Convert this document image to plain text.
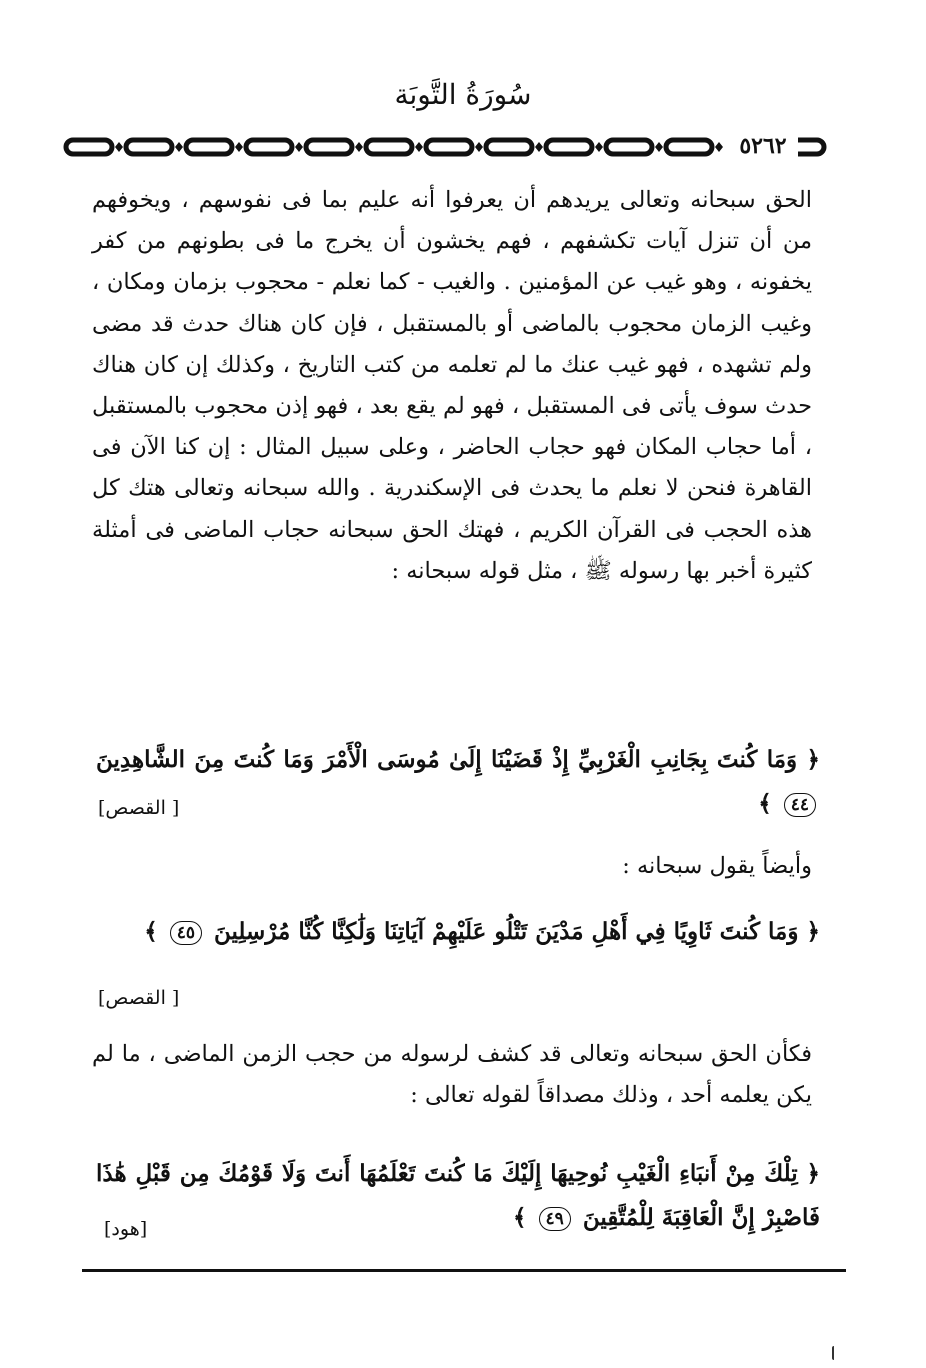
سُورَةُ التَّوبَة
٥٢٦٢
الحق سبحانه وتعالى يريدهم أن يعرفوا أنه عليم بما فى نفوسهم ، ويخوفهم من أن تنزل آيات تكشفهم ، فهم يخشون أن يخرج ما فى بطونهم من كفر يخفونه ، وهو غيب عن المؤمنين . والغيب - كما نعلم - محجوب بزمان ومكان ، وغيب الزمان محجوب بالماضى أو بالمستقبل ، فإن كان هناك حدث قد مضى ولم تشهده ، فهو غيب عنك ما لم تعلمه من كتب التاريخ ، وكذلك إن كان هناك حدث سوف يأتى فى المستقبل ، فهو لم يقع بعد ، فهو إذن محجوب بالمستقبل ، أما حجاب المكان فهو حجاب الحاضر ، وعلى سبيل المثال : إن كنا الآن فى القاهرة فنحن لا نعلم ما يحدث فى الإسكندرية . والله سبحانه وتعالى هتك كل هذه الحجب فى القرآن الكريم ، فهتك الحق سبحانه حجاب الماضى فى أمثلة كثيرة أخبر بها رسوله ﷺ ، مثل قوله سبحانه :
﴿ وَمَا كُنتَ بِجَانِبِ الْغَرْبِيِّ إِذْ قَضَيْنَا إِلَىٰ مُوسَى الْأَمْرَ وَمَا كُنتَ مِنَ الشَّاهِدِينَ ٤٤ ﴾
[ القصص]
وأيضاً يقول سبحانه :
﴿ وَمَا كُنتَ ثَاوِيًا فِي أَهْلِ مَدْيَنَ تَتْلُو عَلَيْهِمْ آيَاتِنَا وَلَٰكِنَّا كُنَّا مُرْسِلِينَ ٤٥ ﴾
[ القصص]
فكأن الحق سبحانه وتعالى قد كشف لرسوله من حجب الزمن الماضى ، ما لم يكن يعلمه أحد ، وذلك مصداقاً لقوله تعالى :
﴿ تِلْكَ مِنْ أَنبَاءِ الْغَيْبِ نُوحِيهَا إِلَيْكَ مَا كُنتَ تَعْلَمُهَا أَنتَ وَلَا قَوْمُكَ مِن قَبْلِ هَٰذَا فَاصْبِرْ إِنَّ الْعَاقِبَةَ لِلْمُتَّقِينَ ٤٩ ﴾
[هود]
